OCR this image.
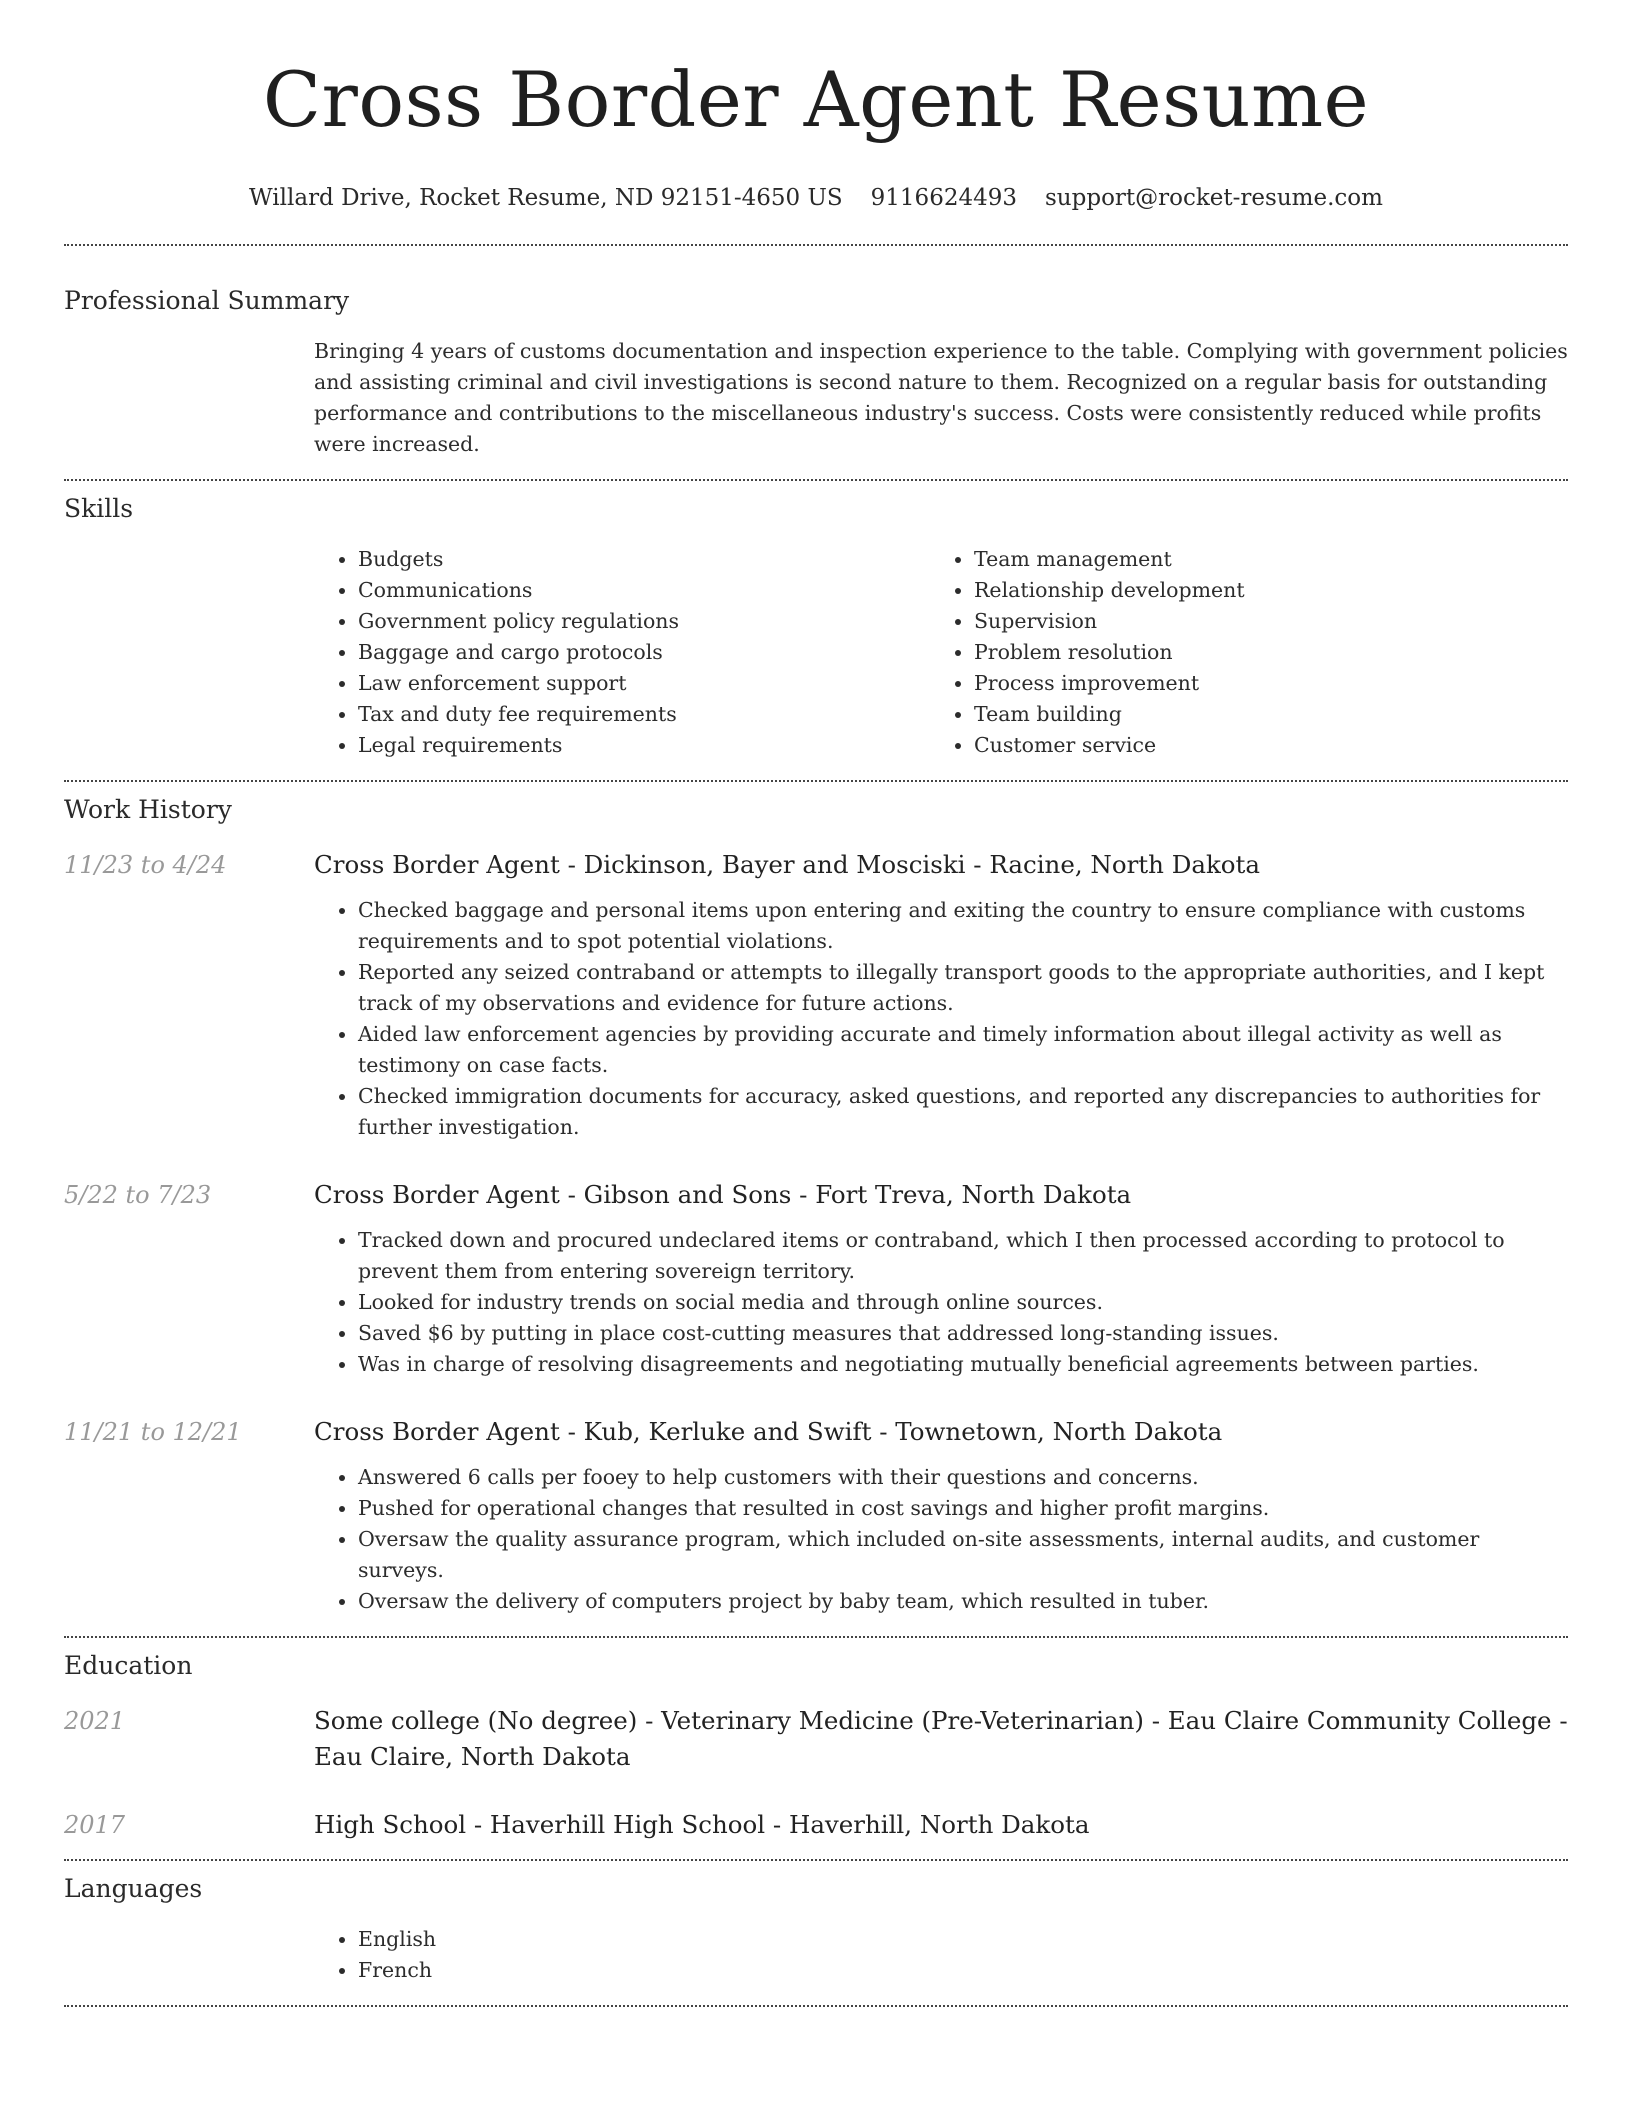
Cross Border Agent Resume
Willard Drive, Rocket Resume, ND 92151-4650 US 9116624493 support@rocket-resume.com
Professional Summary
Bringing 4 years of customs documentation and inspection experience to the table. Complying with government policies and assisting criminal and civil investigations is second nature to them. Recognized on a regular basis for outstanding performance and contributions to the miscellaneous industry's success. Costs were consistently reduced while profits were increased.
Skills
• Budgets
• Communications
• Government policy regulations
• Baggage and cargo protocols
• Law enforcement support
• Tax and duty fee requirements
• Legal requirements
• Team management
• Relationship development
• Supervision
• Problem resolution
• Process improvement
• Team building
• Customer service
Work History
11/23 to 4/24	Cross Border Agent - Dickinson, Bayer and Mosciski - Racine, North Dakota
• Checked baggage and personal items upon entering and exiting the country to ensure compliance with customs requirements and to spot potential violations.
• Reported any seized contraband or attempts to illegally transport goods to the appropriate authorities, and I kept track of my observations and evidence for future actions.
• Aided law enforcement agencies by providing accurate and timely information about illegal activity as well as testimony on case facts.
• Checked immigration documents for accuracy, asked questions, and reported any discrepancies to authorities for further investigation.
5/22 to 7/23	Cross Border Agent - Gibson and Sons - Fort Treva, North Dakota
• Tracked down and procured undeclared items or contraband, which I then processed according to protocol to prevent them from entering sovereign territory.
• Looked for industry trends on social media and through online sources.
• Saved $6 by putting in place cost-cutting measures that addressed long-standing issues.
• Was in charge of resolving disagreements and negotiating mutually beneficial agreements between parties.
11/21 to 12/21	Cross Border Agent - Kub, Kerluke and Swift - Townetown, North Dakota
• Answered 6 calls per fooey to help customers with their questions and concerns.
• Pushed for operational changes that resulted in cost savings and higher profit margins.
• Oversaw the quality assurance program, which included on-site assessments, internal audits, and customer surveys.
• Oversaw the delivery of computers project by baby team, which resulted in tuber.
Education
2021	Some college (No degree) - Veterinary Medicine (Pre-Veterinarian) - Eau Claire Community College - Eau Claire, North Dakota
2017	High School - Haverhill High School - Haverhill, North Dakota
Languages
• English
• French
